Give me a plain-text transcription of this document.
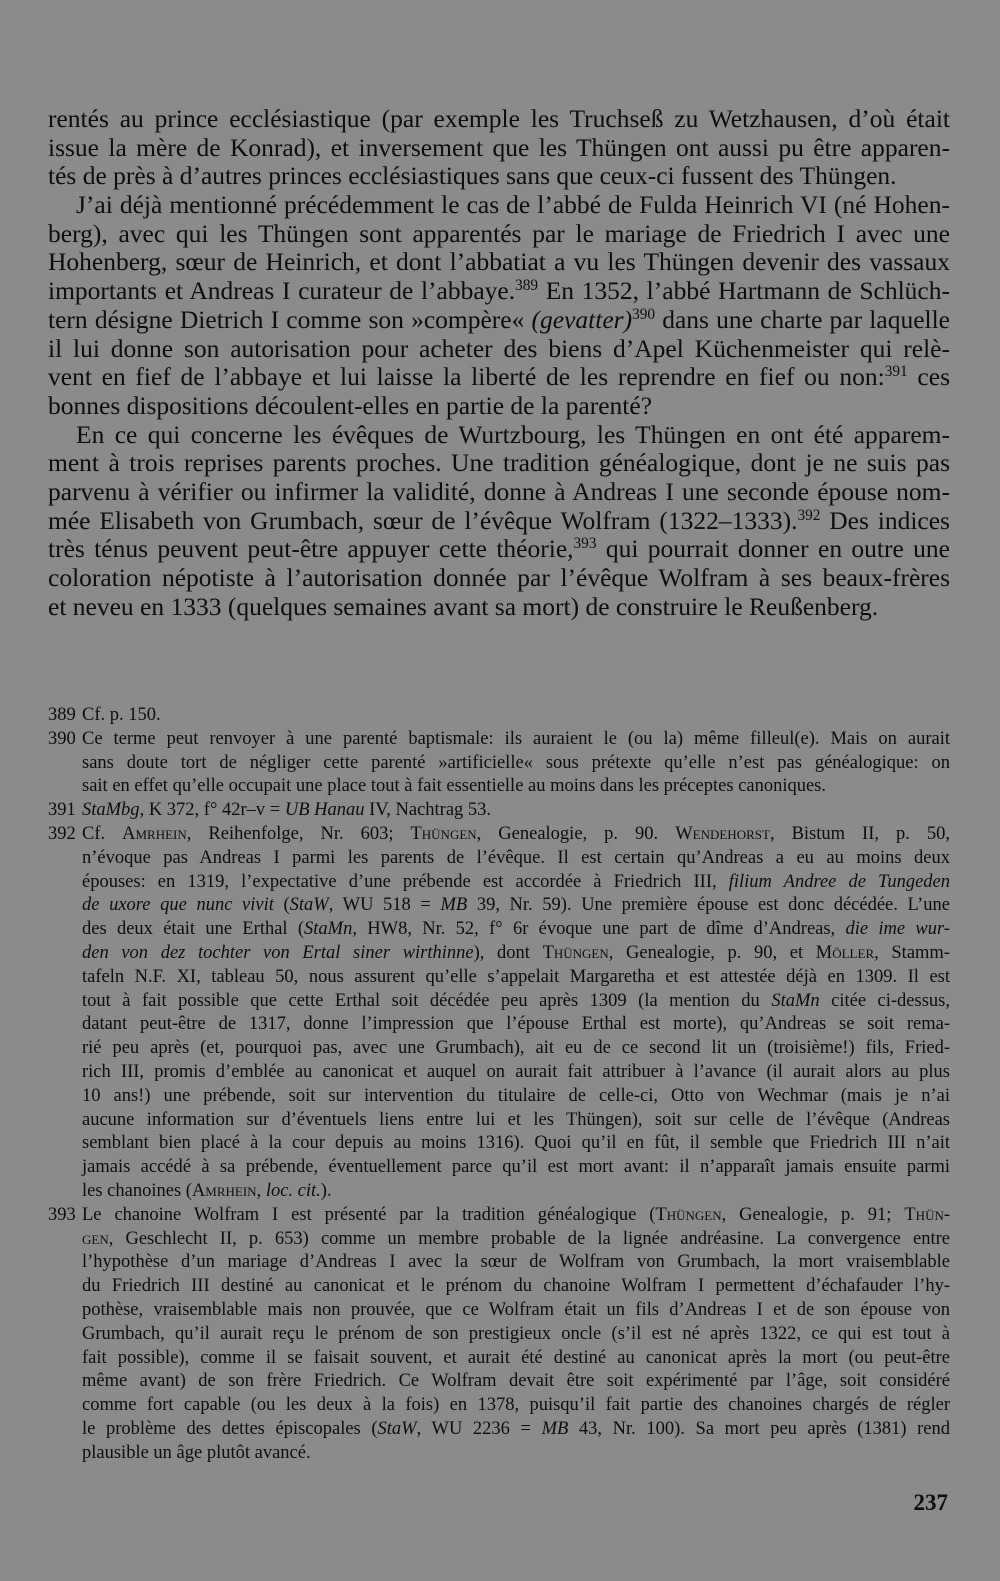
rentés au prince ecclésiastique (par exemple les Truchseß zu Wetzhausen, d’où était
issue la mère de Konrad), et inversement que les Thüngen ont aussi pu être apparen-
tés de près à d’autres princes ecclésiastiques sans que ceux-ci fussent des Thüngen.
J’ai déjà mentionné précédemment le cas de l’abbé de Fulda Heinrich VI (né Hohen-
berg), avec qui les Thüngen sont apparentés par le mariage de Friedrich I avec une
Hohenberg, sœur de Heinrich, et dont l’abbatiat a vu les Thüngen devenir des vassaux
importants et Andreas I curateur de l’abbaye.$^{389}$ En 1352, l’abbé Hartmann de Schlüch-
tern désigne Dietrich I comme son »compère« (gevatter)$^{390}$ dans une charte par laquelle
il lui donne son autorisation pour acheter des biens d’Apel Küchenmeister qui relè-
vent en fief de l’abbaye et lui laisse la liberté de les reprendre en fief ou non:$^{391}$ ces
bonnes dispositions découlent-elles en partie de la parenté?
En ce qui concerne les évêques de Wurtzbourg, les Thüngen en ont été apparem-
ment à trois reprises parents proches. Une tradition généalogique, dont je ne suis pas
parvenu à vérifier ou infirmer la validité, donne à Andreas I une seconde épouse nom-
mée Elisabeth von Grumbach, sœur de l’évêque Wolfram (1322–1333).$^{392}$ Des indices
très ténus peuvent peut-être appuyer cette théorie,$^{393}$ qui pourrait donner en outre une
coloration népotiste à l’autorisation donnée par l’évêque Wolfram à ses beaux-frères
et neveu en 1333 (quelques semaines avant sa mort) de construire le Reußenberg.
389 Cf. p. 150.
390 Ce terme peut renvoyer à une parenté baptismale: ils auraient le (ou la) même filleul(e). Mais on aurait
sans doute tort de négliger cette parenté »artificielle« sous prétexte qu’elle n’est pas généalogique: on
sait en effet qu’elle occupait une place tout à fait essentielle au moins dans les préceptes canoniques.
391 StaMbg, K 372, f° 42r–v = UB Hanau IV, Nachtrag 53.
392 Cf. Amrhein, Reihenfolge, Nr. 603; Thüngen, Genealogie, p. 90. Wendehorst, Bistum II, p. 50,
n’évoque pas Andreas I parmi les parents de l’évêque. Il est certain qu’Andreas a eu au moins deux
épouses: en 1319, l’expectative d’une prébende est accordée à Friedrich III, filium Andree de Tungeden
de uxore que nunc vivit (StaW, WU 518 = MB 39, Nr. 59). Une première épouse est donc décédée. L’une
des deux était une Erthal (StaMn, HW8, Nr. 52, f° 6r évoque une part de dîme d’Andreas, die ime wur-
den von dez tochter von Ertal siner wirthinne), dont Thüngen, Genealogie, p. 90, et Möller, Stamm-
tafeln N.F. XI, tableau 50, nous assurent qu’elle s’appelait Margaretha et est attestée déjà en 1309. Il est
tout à fait possible que cette Erthal soit décédée peu après 1309 (la mention du StaMn citée ci-dessus,
datant peut-être de 1317, donne l’impression que l’épouse Erthal est morte), qu’Andreas se soit rema-
rié peu après (et, pourquoi pas, avec une Grumbach), ait eu de ce second lit un (troisième!) fils, Fried-
rich III, promis d’emblée au canonicat et auquel on aurait fait attribuer à l’avance (il aurait alors au plus
10 ans!) une prébende, soit sur intervention du titulaire de celle-ci, Otto von Wechmar (mais je n’ai
aucune information sur d’éventuels liens entre lui et les Thüngen), soit sur celle de l’évêque (Andreas
semblant bien placé à la cour depuis au moins 1316). Quoi qu’il en fût, il semble que Friedrich III n’ait
jamais accédé à sa prébende, éventuellement parce qu’il est mort avant: il n’apparaît jamais ensuite parmi
les chanoines (Amrhein, loc. cit.).
393 Le chanoine Wolfram I est présenté par la tradition généalogique (Thüngen, Genealogie, p. 91; Thün-
gen, Geschlecht II, p. 653) comme un membre probable de la lignée andréasine. La convergence entre
l’hypothèse d’un mariage d’Andreas I avec la sœur de Wolfram von Grumbach, la mort vraisemblable
du Friedrich III destiné au canonicat et le prénom du chanoine Wolfram I permettent d’échafauder l’hy-
pothèse, vraisemblable mais non prouvée, que ce Wolfram était un fils d’Andreas I et de son épouse von
Grumbach, qu’il aurait reçu le prénom de son prestigieux oncle (s’il est né après 1322, ce qui est tout à
fait possible), comme il se faisait souvent, et aurait été destiné au canonicat après la mort (ou peut-être
même avant) de son frère Friedrich. Ce Wolfram devait être soit expérimenté par l’âge, soit considéré
comme fort capable (ou les deux à la fois) en 1378, puisqu’il fait partie des chanoines chargés de régler
le problème des dettes épiscopales (StaW, WU 2236 = MB 43, Nr. 100). Sa mort peu après (1381) rend
plausible un âge plutôt avancé.
237
